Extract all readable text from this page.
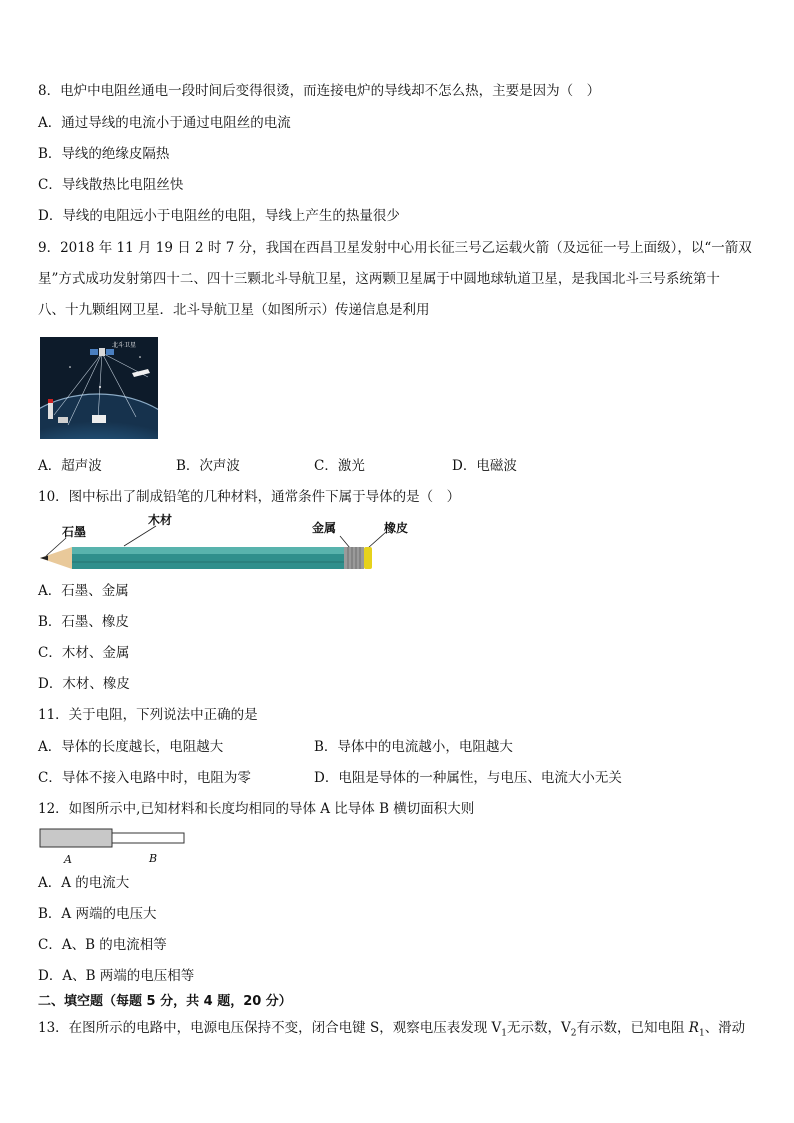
8．电炉中电阻丝通电一段时间后变得很烫，而连接电炉的导线却不怎么热，主要是因为（　）
A．通过导线的电流小于通过电阻丝的电流
B．导线的绝缘皮隔热
C．导线散热比电阻丝快
D．导线的电阻远小于电阻丝的电阻，导线上产生的热量很少
9．2018 年 11 月 19 日 2 时 7 分，我国在西昌卫星发射中心用长征三号乙运载火箭（及远征一号上面级），以“一箭双
星”方式成功发射第四十二、四十三颗北斗导航卫星，这两颗卫星属于中圆地球轨道卫星，是我国北斗三号系统第十
八、十九颗组网卫星．北斗导航卫星（如图所示）传递信息是利用
北斗卫星
A．超声波	B．次声波	C．激光	D．电磁波
10．图中标出了制成铅笔的几种材料，通常条件下属于导体的是（　）
石墨
木材
金属	橡皮
A．石墨、金属
B．石墨、橡皮
C．木材、金属
D．木材、橡皮
11．关于电阻，下列说法中正确的是
A．导体的长度越长，电阻越大	B．导体中的电流越小，电阻越大
C．导体不接入电路中时，电阻为零	D．电阻是导体的一种属性，与电压、电流大小无关
12．如图所示中,已知材料和长度均相同的导体 A 比导体 B 横切面积大则
A	B
A．A 的电流大
B．A 两端的电压大
C．A、B 的电流相等
D．A、B 两端的电压相等
二、填空题（每题 5 分，共 4 题，20 分）
13．在图所示的电路中，电源电压保持不变，闭合电键 S，观察电压表发现 $V_1$无示数，$V_2$有示数，已知电阻 $R_1$、滑动
